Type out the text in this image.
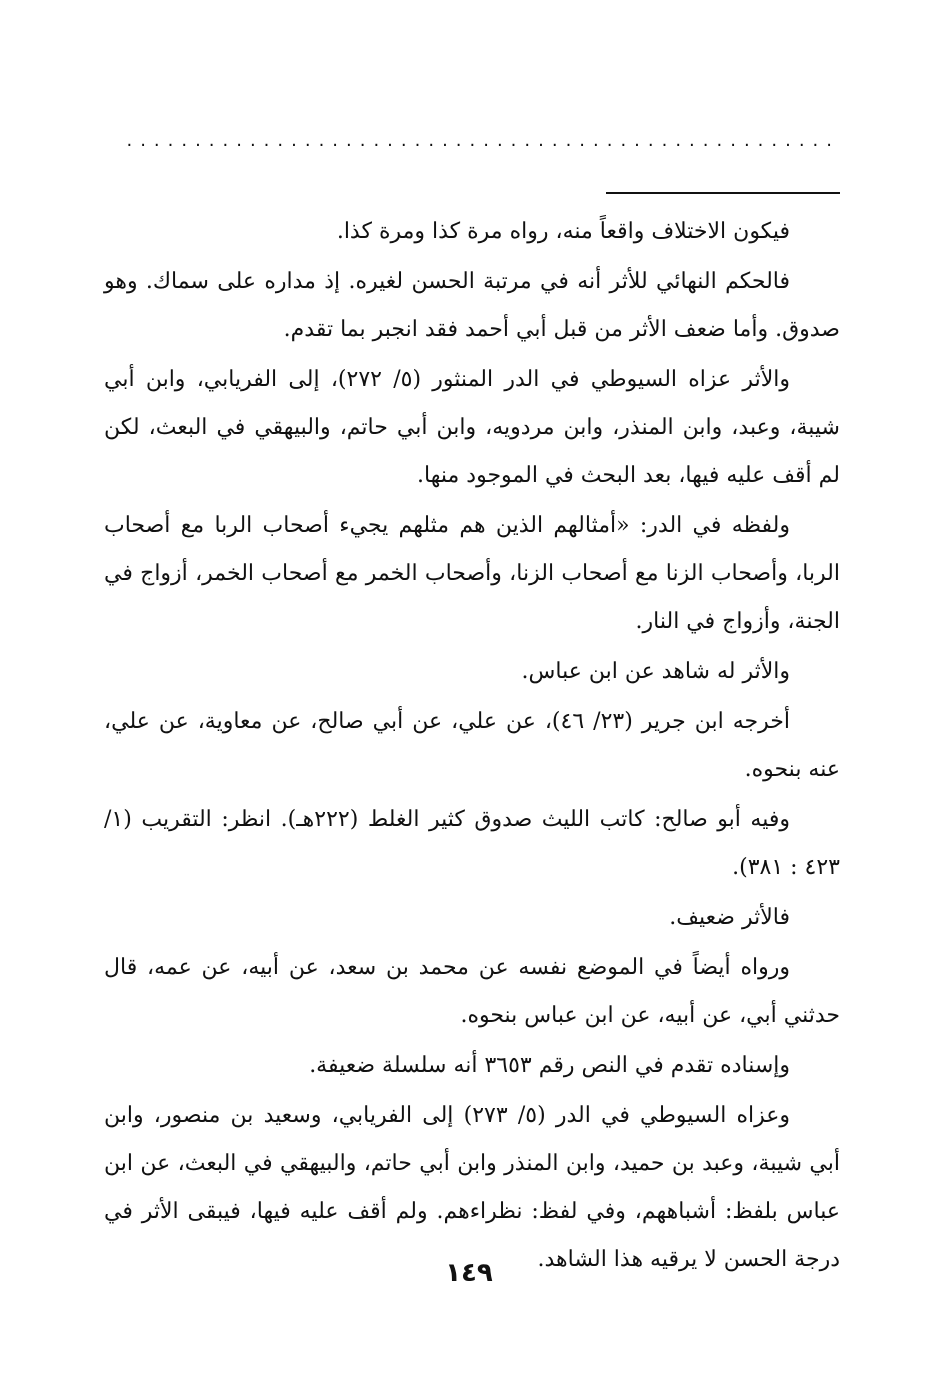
....................................................

فيكون الاختلاف واقعاً منه، رواه مرة كذا ومرة كذا.

فالحكم النهائي للأثر أنه في مرتبة الحسن لغيره. إذ مداره على سماك. وهو صدوق. وأما ضعف الأثر من قبل أبي أحمد فقد انجبر بما تقدم.

والأثر عزاه السيوطي في الدر المنثور (٥/ ٢٧٢)، إلى الفريابي، وابن أبي شيبة، وعبد، وابن المنذر، وابن مردويه، وابن أبي حاتم، والبيهقي في البعث، لكن لم أقف عليه فيها، بعد البحث في الموجود منها.

ولفظه في الدر: «أمثالهم الذين هم مثلهم يجيء أصحاب الربا مع أصحاب الربا، وأصحاب الزنا مع أصحاب الزنا، وأصحاب الخمر مع أصحاب الخمر، أزواج في الجنة، وأزواج في النار.

والأثر له شاهد عن ابن عباس.

أخرجه ابن جرير (٢٣/ ٤٦)، عن علي، عن أبي صالح، عن معاوية، عن علي، عنه بنحوه.

وفيه أبو صالح: كاتب الليث صدوق كثير الغلط (٢٢٢هـ). انظر: التقريب (١/ ٤٢٣ : ٣٨١).

فالأثر ضعيف.

ورواه أيضاً في الموضع نفسه عن محمد بن سعد، عن أبيه، عن عمه، قال حدثني أبي، عن أبيه، عن ابن عباس بنحوه.

وإسناده تقدم في النص رقم ٣٦٥٣ أنه سلسلة ضعيفة.

وعزاه السيوطي في الدر (٥/ ٢٧٣) إلى الفريابي، وسعيد بن منصور، وابن أبي شيبة، وعبد بن حميد، وابن المنذر وابن أبي حاتم، والبيهقي في البعث، عن ابن عباس بلفظ: أشباههم، وفي لفظ: نظراءهم. ولم أقف عليه فيها، فيبقى الأثر في درجة الحسن لا يرقيه هذا الشاهد.

١٤٩
